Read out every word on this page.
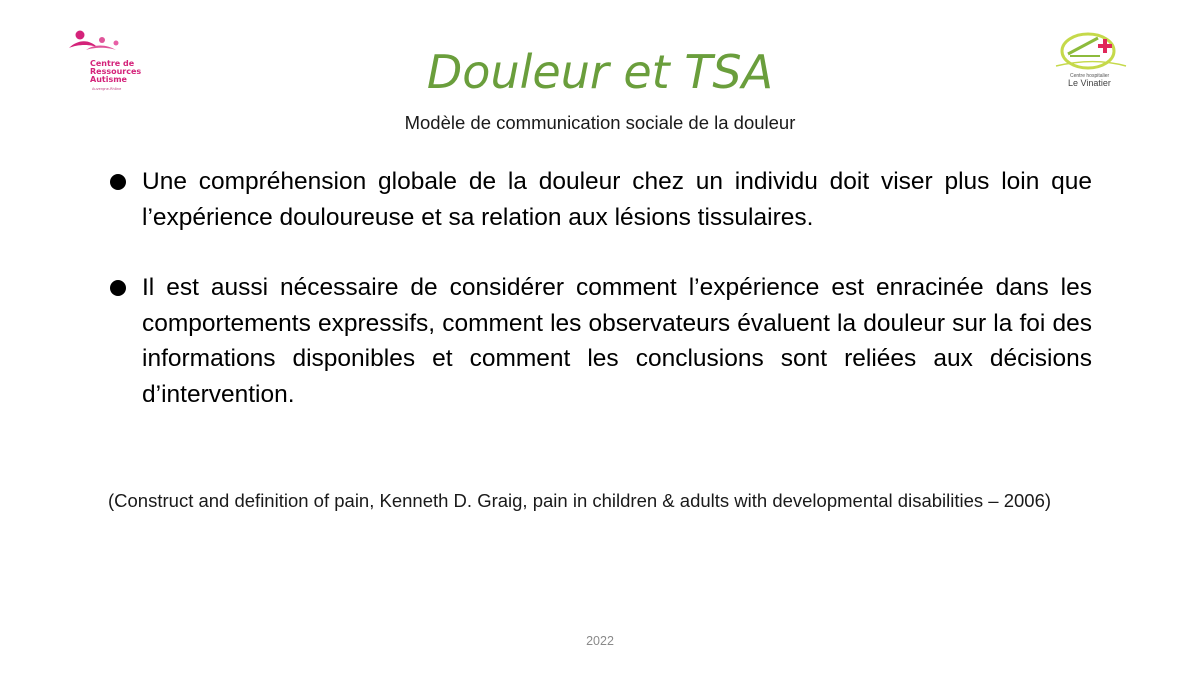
Centre de
Ressources
Autisme
Auvergne-Rhône
Centre hospitalier
Le Vinatier
Douleur et TSA
Modèle de communication sociale de la douleur
Une compréhension globale de la douleur chez un individu doit viser plus loin que l’expérience douloureuse et sa relation aux lésions tissulaires.
Il est aussi nécessaire de considérer comment l’expérience est enracinée dans les comportements expressifs, comment les observateurs évaluent la douleur sur la foi des informations disponibles et comment les conclusions sont reliées aux décisions d’intervention.
(Construct and definition of pain, Kenneth D. Graig, pain in children & adults with developmental disabilities – 2006)
2022
